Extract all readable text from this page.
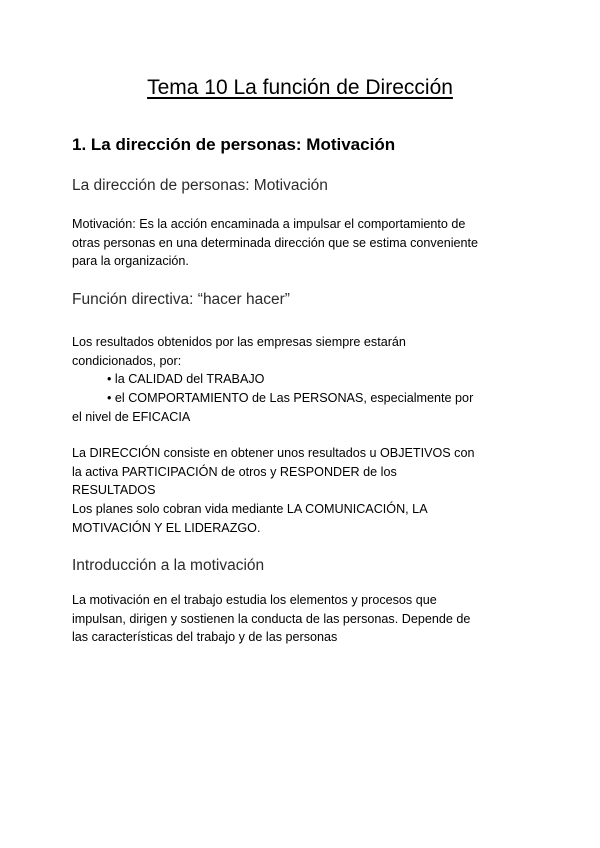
Tema 10 La función de Dirección
1. La dirección de personas: Motivación
La dirección de personas: Motivación
Motivación: Es la acción encaminada a impulsar el comportamiento de
otras personas en una determinada dirección que se estima conveniente
para la organización.
Función directiva: “hacer hacer”
Los resultados obtenidos por las empresas siempre estarán
condicionados, por:
• la CALIDAD del TRABAJO
• el COMPORTAMIENTO de Las PERSONAS, especialmente por
el nivel de EFICACIA
La DIRECCIÓN consiste en obtener unos resultados u OBJETIVOS con
la activa PARTICIPACIÓN de otros y RESPONDER de los
RESULTADOS
Los planes solo cobran vida mediante LA COMUNICACIÓN, LA
MOTIVACIÓN Y EL LIDERAZGO.
Introducción a la motivación
La motivación en el trabajo estudia los elementos y procesos que
impulsan, dirigen y sostienen la conducta de las personas. Depende de
las características del trabajo y de las personas
